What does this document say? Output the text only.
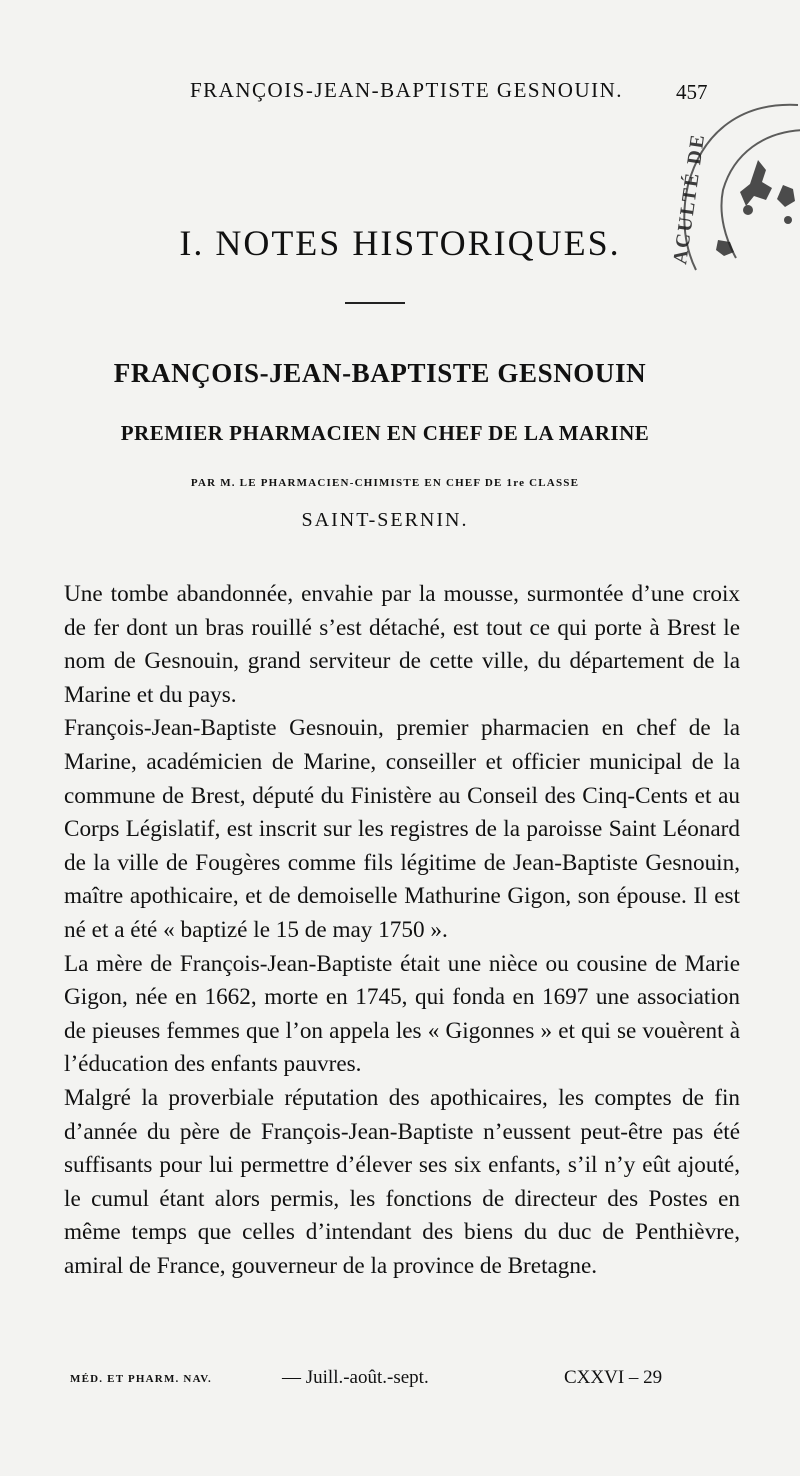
FRANÇOIS-JEAN-BAPTISTE GESNOUIN.	457
ACULTÉ DE
I. NOTES HISTORIQUES.
FRANÇOIS-JEAN-BAPTISTE GESNOUIN
PREMIER PHARMACIEN EN CHEF DE LA MARINE
PAR M. LE PHARMACIEN-CHIMISTE EN CHEF DE 1re CLASSE
SAINT-SERNIN.

Une tombe abandonnée, envahie par la mousse, surmontée d’une croix de fer dont un bras rouillé s’est détaché, est tout ce qui porte à Brest le nom de Gesnouin, grand serviteur de cette ville, du département de la Marine et du pays.

François-Jean-Baptiste Gesnouin, premier pharmacien en chef de la Marine, académicien de Marine, conseiller et officier municipal de la commune de Brest, député du Finistère au Conseil des Cinq-Cents et au Corps Législatif, est inscrit sur les registres de la paroisse Saint Léonard de la ville de Fougères comme fils légitime de Jean-Baptiste Gesnouin, maître apothicaire, et de demoiselle Mathurine Gigon, son épouse. Il est né et a été « baptizé le 15 de may 1750 ».

La mère de François-Jean-Baptiste était une nièce ou cousine de Marie Gigon, née en 1662, morte en 1745, qui fonda en 1697 une association de pieuses femmes que l’on appela les « Gigonnes » et qui se vouèrent à l’éducation des enfants pauvres.

Malgré la proverbiale réputation des apothicaires, les comptes de fin d’année du père de François-Jean-Baptiste n’eussent peut-être pas été suffisants pour lui permettre d’élever ses six enfants, s’il n’y eût ajouté, le cumul étant alors permis, les fonctions de directeur des Postes en même temps que celles d’intendant des biens du duc de Penthièvre, amiral de France, gouverneur de la province de Bretagne.

MÉD. ET PHARM. NAV.	— Juill.-août.-sept.	CXXVI – 29
